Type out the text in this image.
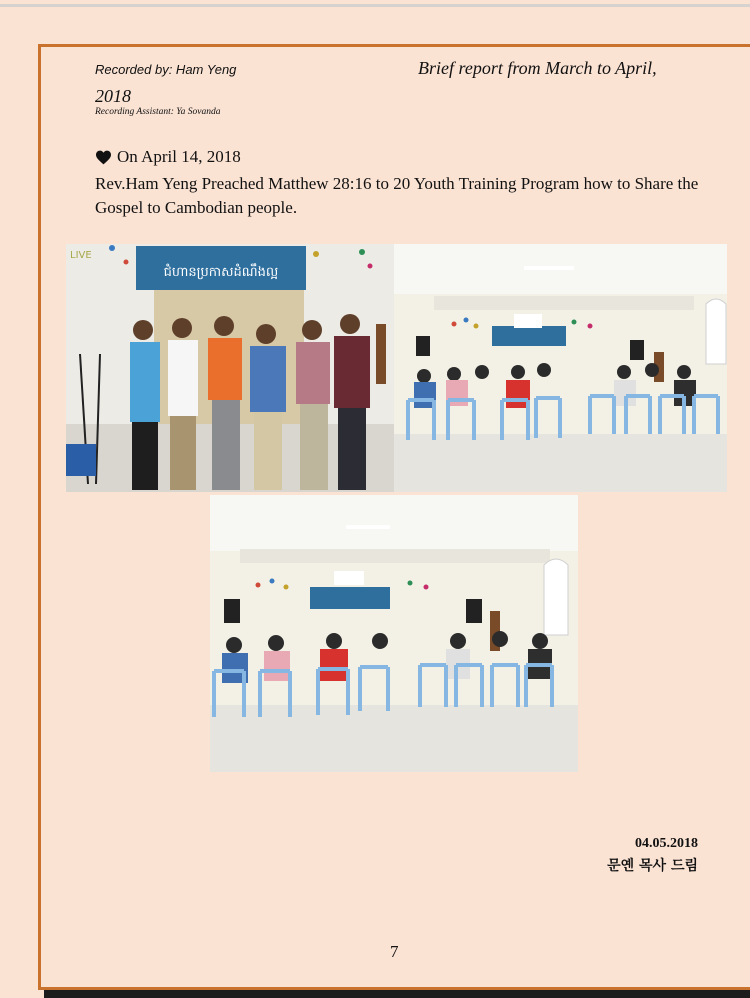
Recorded by: Ham Yeng	Brief report from March to April,
2018
Recording Assistant: Ya Sovanda
On April 14, 2018
Rev.Ham Yeng Preached Matthew 28:16 to 20 Youth Training Program how to Share the Gospel to Cambodian people.
ជំហានប្រកាសដំណឹងល្អ
LIVE
04.05.2018
문옌 목사 드림
7
